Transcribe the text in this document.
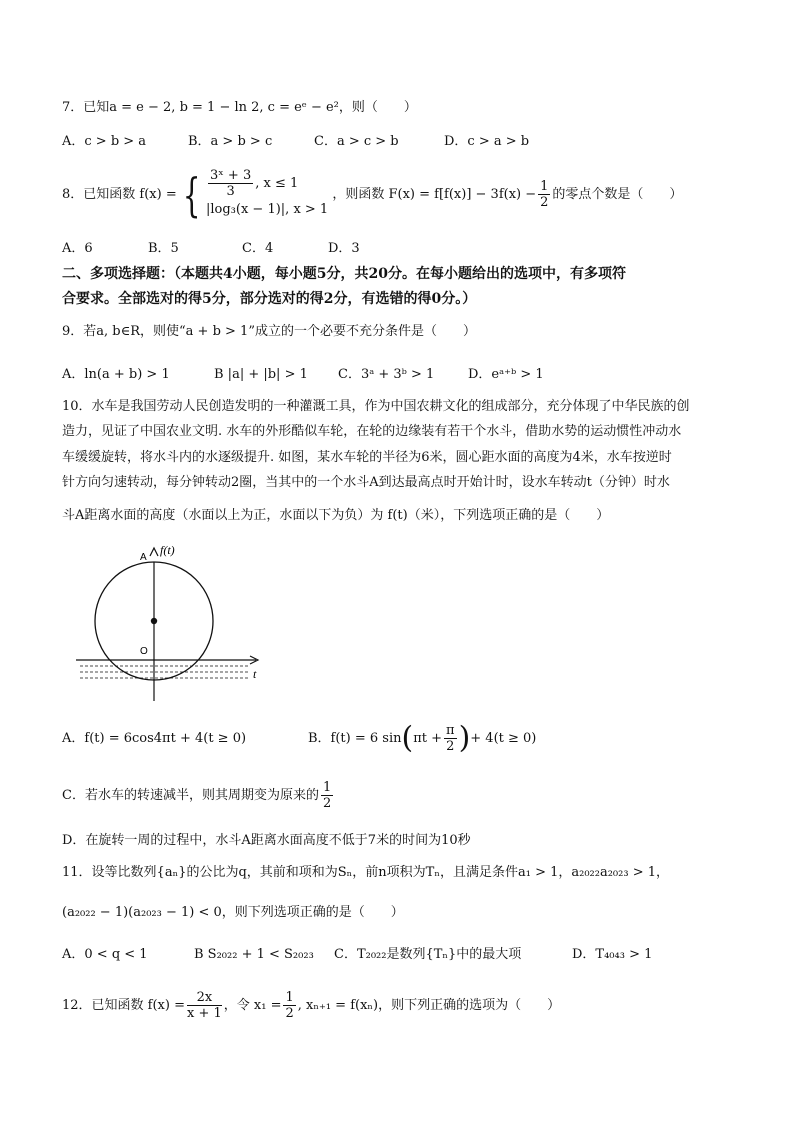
7．已知a = e − 2, b = 1 − ln 2, c = eᵉ − e²，则（　　）
A．c > b > a	B．a > b > c	C．a > c > b	D．c > a > b
8．已知函数 f(x) = { $\frac{\text{3ˣ + 3}}{3}$ , x ≤ 1
|log₃(x − 1)|, x > 1
，则函数 $F(x) = f[f(x)] - 3f(x) - \frac{1}{2}$ 的零点个数是（　　）
A．6	B．5	C．4	D．3
二、多项选择题：（本题共4小题，每小题5分，共20分。在每小题给出的选项中，有多项符
合要求。全部选对的得5分，部分选对的得2分，有选错的得0分。）
9．若a, b∈R，则使“a + b > 1”成立的一个必要不充分条件是（　　）
A．ln(a + b) > 1	B |a| + |b| > 1 C．3ᵃ + 3ᵇ > 1	D．eᵃ⁺ᵇ > 1
10．水车是我国劳动人民创造发明的一种灌溉工具，作为中国农耕文化的组成部分，充分体现了中华民族的创
造力，见证了中国农业文明. 水车的外形酷似车轮，在轮的边缘装有若干个水斗，借助水势的运动惯性冲动水
车缓缓旋转，将水斗内的水逐级提升. 如图，某水车轮的半径为6米，圆心距水面的高度为4米，水车按逆时
针方向匀速转动，每分钟转动2圈，当其中的一个水斗A到达最高点时开始计时，设水车转动t（分钟）时水
斗A距离水面的高度（水面以上为正，水面以下为负）为 f(t)（米），下列选项正确的是（　　）
A
O
f(t)
t
A．f(t) = 6cos4πt + 4(t ≥ 0)	B．f(t) = 6 $\sin(\pi t + \frac{\pi}{2}$ )+ 4(t ≥ 0)
C．若水车的转速减半，则其周期变为原来的 $\frac{1}{2}$
D．在旋转一周的过程中，水斗A距离水面高度不低于7米的时间为10秒
11．设等比数列{aₙ}的公比为q，其前和项和为Sₙ，前n项积为Tₙ，且满足条件a₁ > 1，a₂₀₂₂a₂₀₂₃ > 1，
(a₂₀₂₂ − 1)(a₂₀₂₃ − 1) < 0，则下列选项正确的是（　　）
A．0 < q < 1	B S₂₀₂₂ + 1 < S₂₀₂₃ C．T₂₀₂₂是数列{Tₙ}中的最大项	D．T₄₀₄₃ > 1
12．已知函数 $f(x) = \frac{2x}{x + 1}$ ，令 $x_1 = \frac{1}{2}$ , xₙ₊₁ = f(xₙ)，则下列正确的选项为（　　）
